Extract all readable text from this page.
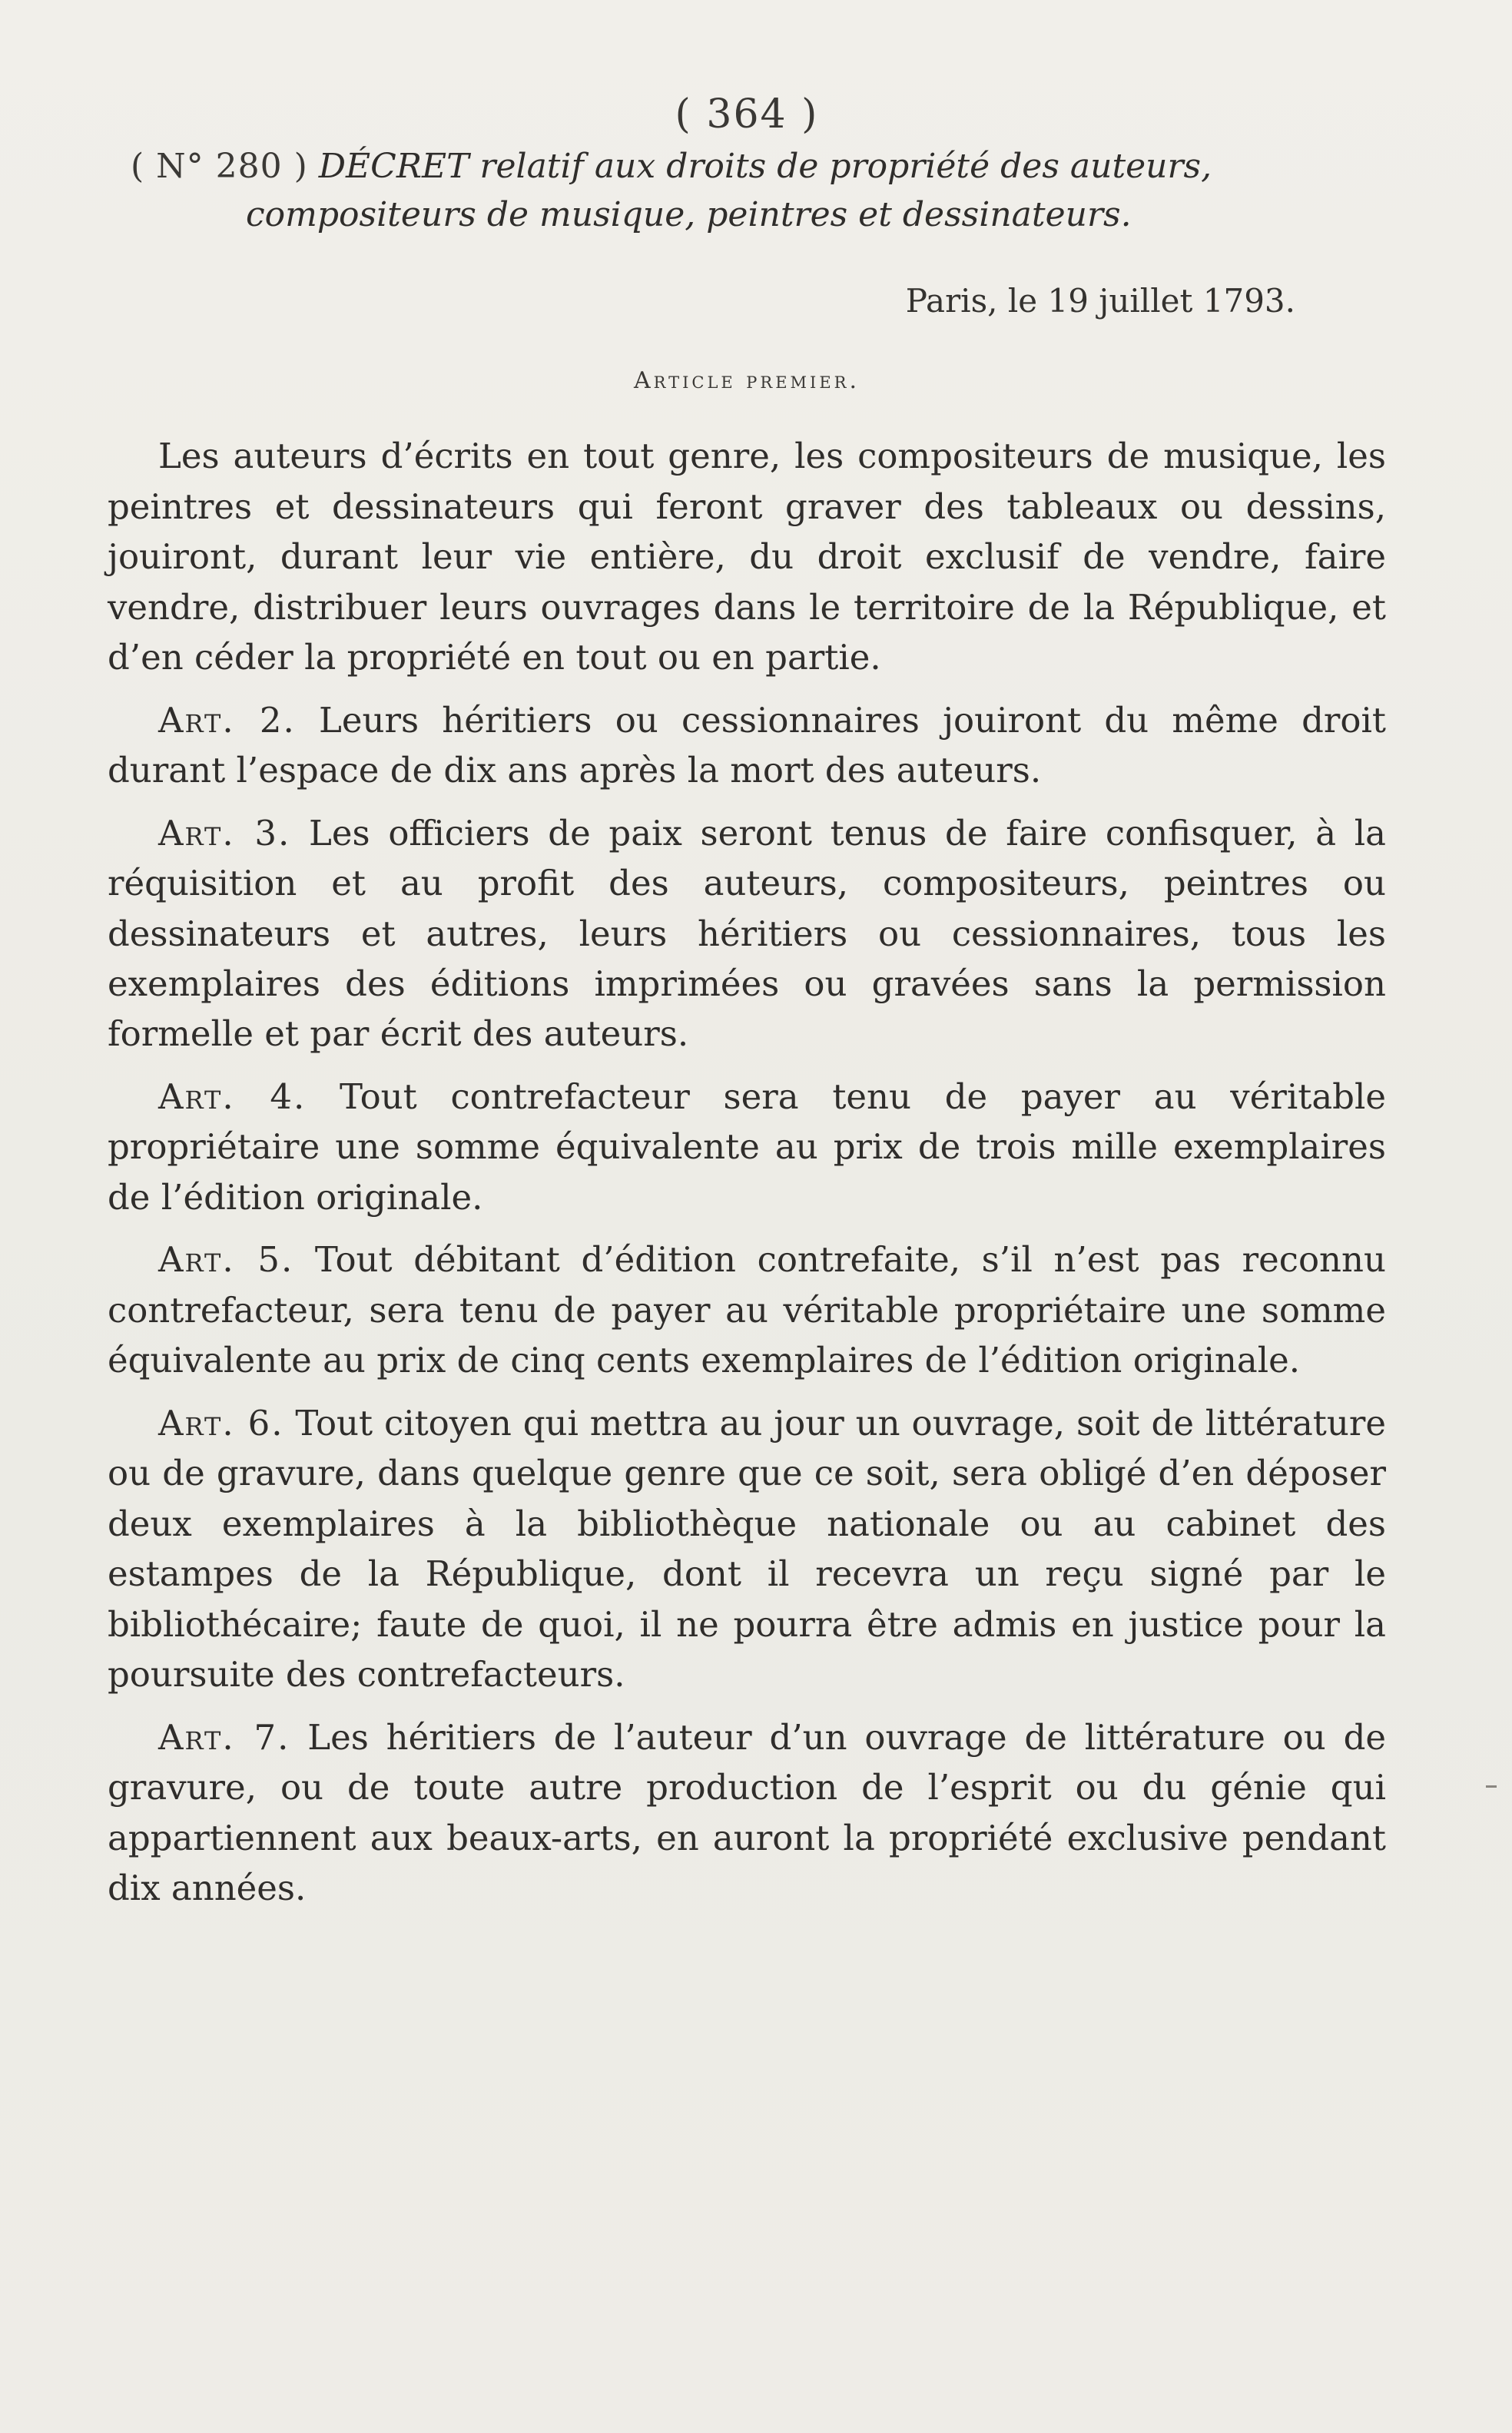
( 364 )
( N° 280 ) DÉCRET relatif aux droits de propriété des auteurs,
compositeurs de musique, peintres et dessinateurs.
Paris, le 19 juillet 1793.
Article premier.

Les auteurs d’écrits en tout genre, les compositeurs de musique, les peintres et dessinateurs qui feront graver des tableaux ou dessins, jouiront, durant leur vie entière, du droit exclusif de vendre, faire vendre, distribuer leurs ouvrages dans le territoire de la République, et d’en céder la propriété en tout ou en partie.

Art. 2. Leurs héritiers ou cessionnaires jouiront du même droit durant l’espace de dix ans après la mort des auteurs.

Art. 3. Les officiers de paix seront tenus de faire confisquer, à la réquisition et au profit des auteurs, compositeurs, peintres ou dessinateurs et autres, leurs héritiers ou cessionnaires, tous les exemplaires des éditions imprimées ou gravées sans la permission formelle et par écrit des auteurs.

Art. 4. Tout contrefacteur sera tenu de payer au véritable propriétaire une somme équivalente au prix de trois mille exemplaires de l’édition originale.

Art. 5. Tout débitant d’édition contrefaite, s’il n’est pas reconnu contrefacteur, sera tenu de payer au véritable propriétaire une somme équivalente au prix de cinq cents exemplaires de l’édition originale.

Art. 6. Tout citoyen qui mettra au jour un ouvrage, soit de littérature ou de gravure, dans quelque genre que ce soit, sera obligé d’en déposer deux exemplaires à la bibliothèque nationale ou au cabinet des estampes de la République, dont il recevra un reçu signé par le bibliothécaire; faute de quoi, il ne pourra être admis en justice pour la poursuite des contrefacteurs.

Art. 7. Les héritiers de l’auteur d’un ouvrage de littérature ou de gravure, ou de toute autre production de l’esprit ou du génie qui appartiennent aux beaux-arts, en auront la propriété exclusive pendant dix années.
